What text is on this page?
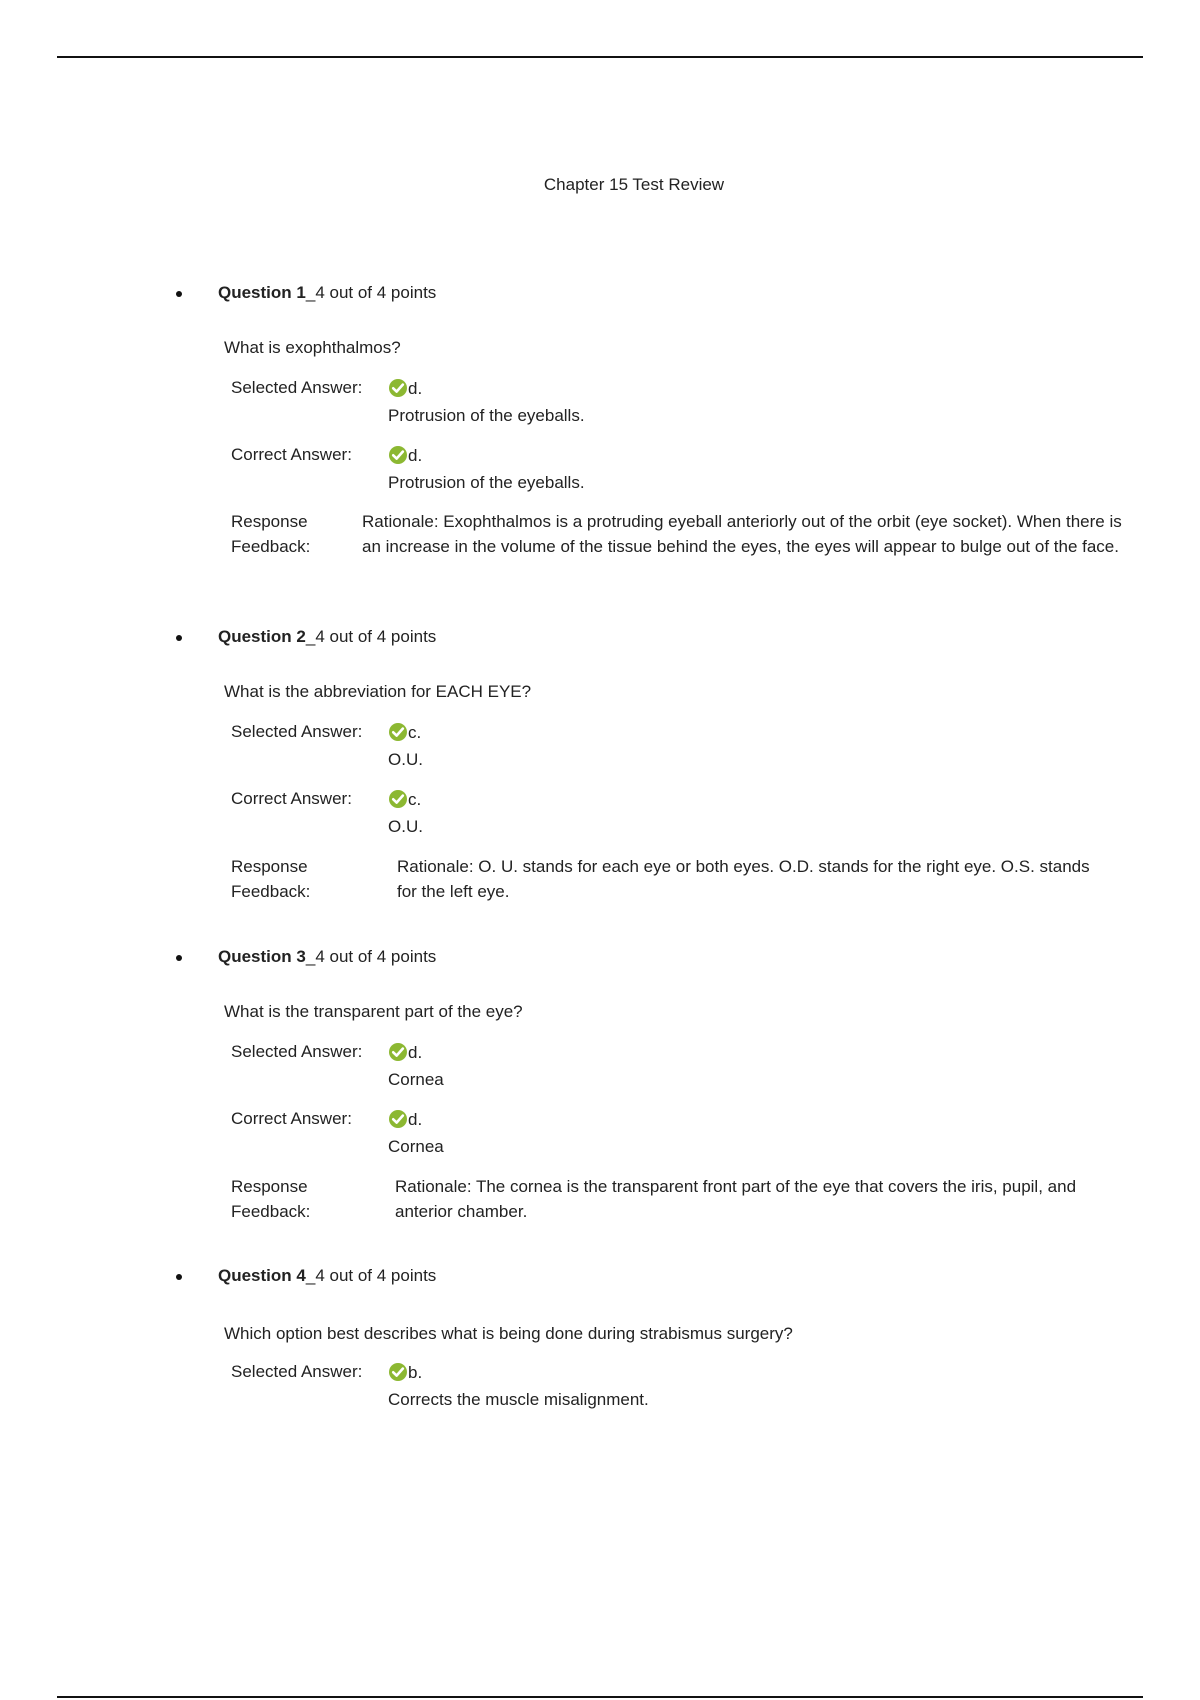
Chapter 15 Test Review
Question 1_4 out of 4 points
What is exophthalmos?
Selected Answer:	d.
Protrusion of the eyeballs.
Correct Answer:	d.
Protrusion of the eyeballs.
Response
Feedback:
Rationale: Exophthalmos is a protruding eyeball anteriorly out of the orbit (eye socket). When there is an increase in the volume of the tissue behind the eyes, the eyes will appear to bulge out of the face.
Question 2_4 out of 4 points
What is the abbreviation for EACH EYE?
Selected Answer:	c.
O.U.
Correct Answer:	c.
O.U.
Response
Feedback:
Rationale: O. U. stands for each eye or both eyes. O.D. stands for the right eye. O.S. stands for the left eye.
Question 3_4 out of 4 points
What is the transparent part of the eye?
Selected Answer:	d.
Cornea
Correct Answer:	d.
Cornea
Response
Feedback:
Rationale: The cornea is the transparent front part of the eye that covers the iris, pupil, and anterior chamber.
Question 4_4 out of 4 points
Which option best describes what is being done during strabismus surgery?
Selected Answer:	b.
Corrects the muscle misalignment.
